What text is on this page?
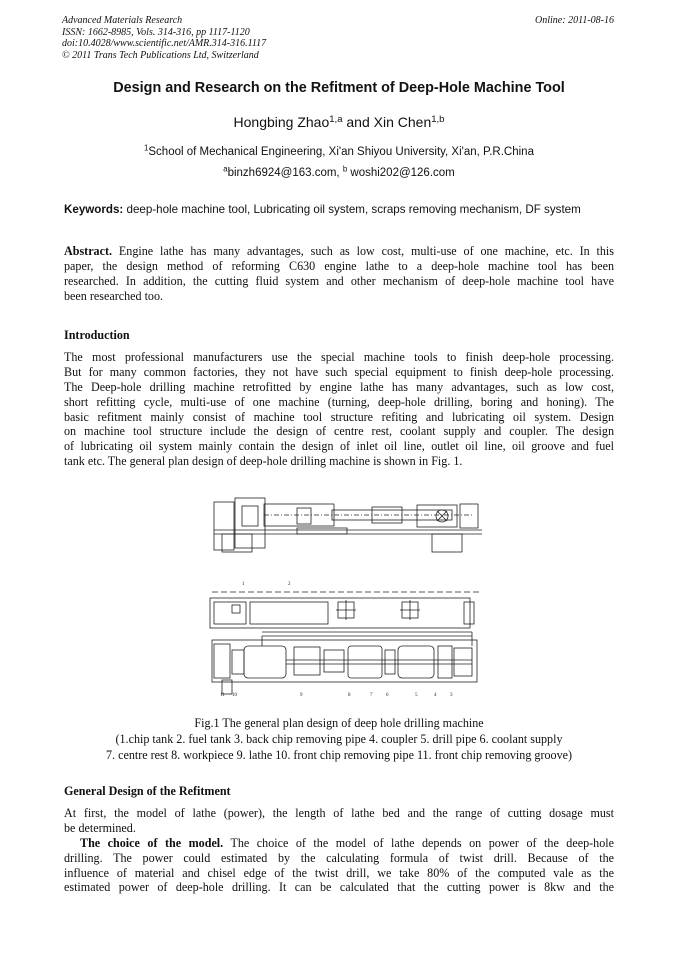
Advanced Materials Research
ISSN: 1662-8985, Vols. 314-316, pp 1117-1120
doi:10.4028/www.scientific.net/AMR.314-316.1117
© 2011 Trans Tech Publications Ltd, Switzerland
Online: 2011-08-16
Design and Research on the Refitment of Deep-Hole Machine Tool
Hongbing Zhao$^{1,a}$ and Xin Chen$^{1,b}$
$^1$School of Mechanical Engineering, Xi'an Shiyou University, Xi'an, P.R.China
$^a$binzh6924@163.com, $^b$ woshi202@126.com
Keywords: deep-hole machine tool, Lubricating oil system, scraps removing mechanism, DF system
Abstract. Engine lathe has many advantages, such as low cost, multi-use of one machine, etc. In this
paper, the design method of reforming C630 engine lathe to a deep-hole machine tool has been
researched. In addition, the cutting fluid system and other mechanism of deep-hole machine tool have
been researched too.
Introduction
The most professional manufacturers use the special machine tools to finish deep-hole processing.
But for many common factories, they not have such special equipment to finish deep-hole processing.
The Deep-hole drilling machine retrofitted by engine lathe has many advantages, such as low cost,
short refitting cycle, multi-use of one machine (turning, deep-hole drilling, boring and honing). The
basic refitment mainly consist of machine tool structure refiting and lubricating oil system. Design
on machine tool structure include the design of centre rest, coolant supply and coupler. The design
of lubricating oil system mainly contain the design of inlet oil line, outlet oil line, oil groove and fuel
tank etc. The general plan design of deep-hole drilling machine is shown in Fig. 1.
1	2
3
4
5
6
7
8
9
10
11
Fig.1 The general plan design of deep hole drilling machine
(1.chip tank 2. fuel tank 3. back chip removing pipe 4. coupler 5. drill pipe 6. coolant supply
7. centre rest 8. workpiece 9. lathe 10. front chip removing pipe 11. front chip removing groove)
General Design of the Refitment
At first, the model of lathe (power), the length of lathe bed and the range of cutting dosage must
be determined.
The choice of the model. The choice of the model of lathe depends on power of the deep-hole
drilling. The power could estimated by the calculating formula of twist drill. Because of the
influence of material and chisel edge of the twist drill, we take 80% of the computed vale as the
estimated power of deep-hole drilling. It can be calculated that the cutting power is 8kw and the
